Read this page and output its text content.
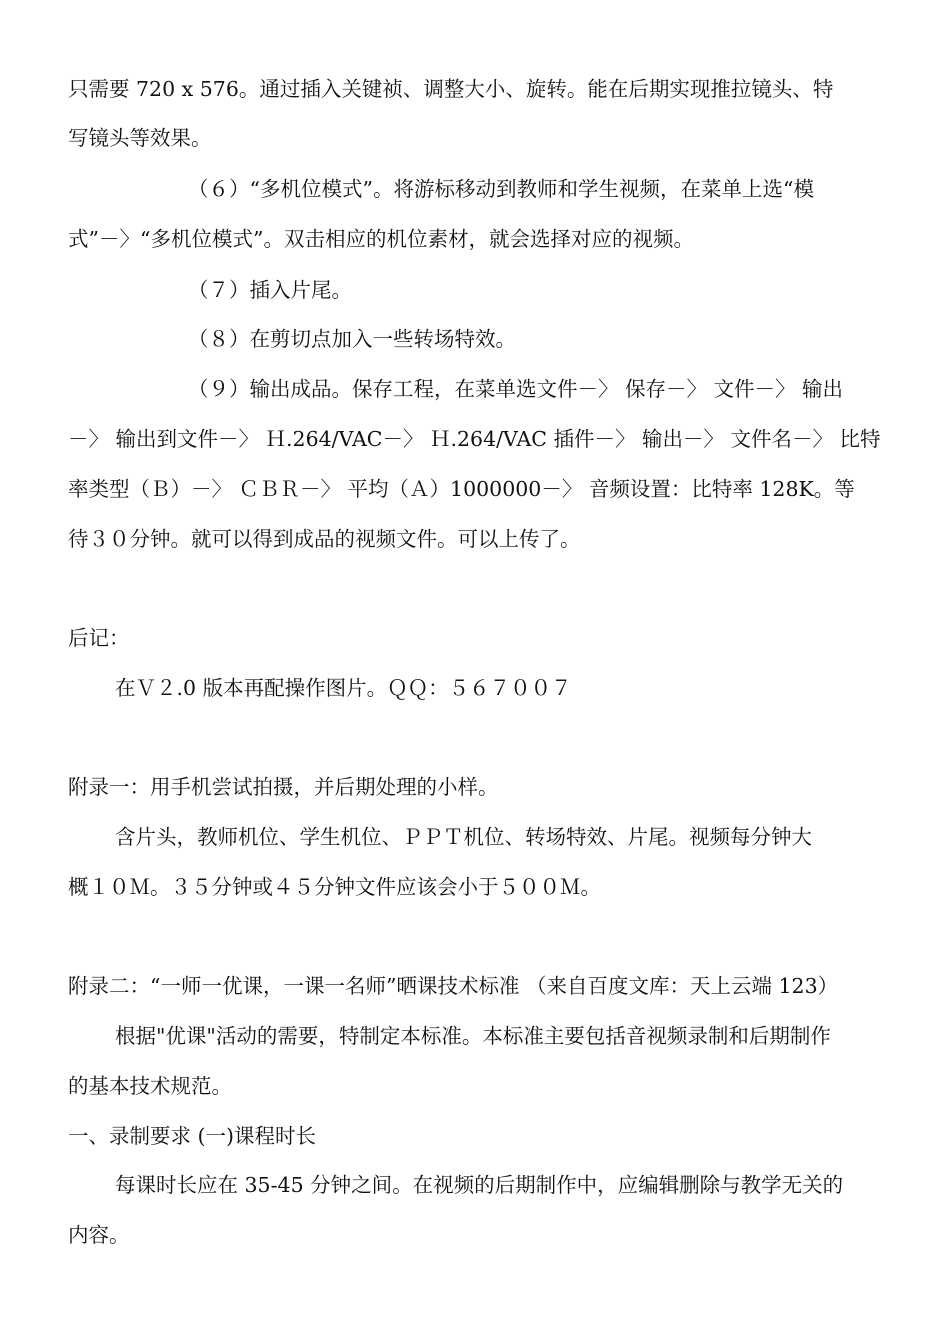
只需要 720 x 576。通过插入关键祯、调整大小、旋转。能在后期实现推拉镜头、特
写镜头等效果。
（６）“多机位模式”。将游标移动到教师和学生视频，在菜单上选“模
式”－〉“多机位模式”。双击相应的机位素材，就会选择对应的视频。
（７）插入片尾。
（８）在剪切点加入一些转场特效。
（９）输出成品。保存工程，在菜单选文件－〉 保存－〉 文件－〉 输出
－〉 输出到文件－〉 Ｈ.264/VAC－〉 Ｈ.264/VAC 插件－〉 输出－〉 文件名－〉 比特
率类型（Ｂ）－〉 ＣＢＲ－〉 平均（Ａ）1000000－〉 音频设置：比特率 128K。等
待３０分钟。就可以得到成品的视频文件。可以上传了。
后记：
在Ｖ２.0 版本再配操作图片。ＱＱ：５６７００７
附录一：用手机尝试拍摄，并后期处理的小样。
含片头，教师机位、学生机位、ＰＰＴ机位、转场特效、片尾。视频每分钟大
概１０Ｍ。３５分钟或４５分钟文件应该会小于５００Ｍ。
附录二：“一师一优课，一课一名师”晒课技术标准 （来自百度文库：天上云端 123）
根据"优课"活动的需要，特制定本标准。本标准主要包括音视频录制和后期制作
的基本技术规范。
一、录制要求 (一)课程时长
每课时长应在 35-45 分钟之间。在视频的后期制作中，应编辑删除与教学无关的
内容。
